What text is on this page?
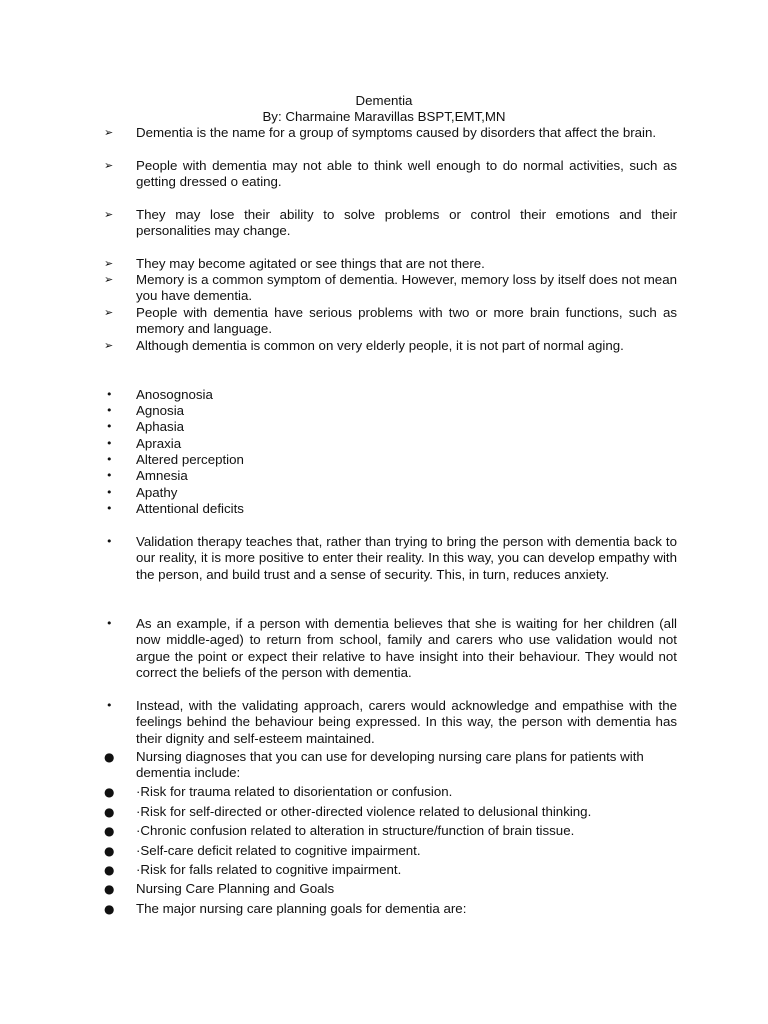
Dementia
By: Charmaine Maravillas BSPT,EMT,MN
➢	Dementia is the name for a group of symptoms caused by disorders that affect the brain.
➢	People with dementia may not able to think well enough to do normal activities, such as getting dressed o eating.
➢	They may lose their ability to solve problems or control their emotions and their personalities may change.
➢	They may become agitated or see things that are not there.
➢	Memory is a common symptom of dementia. However, memory loss by itself does not mean you have dementia.
➢	People with dementia have serious problems with two or more brain functions, such as memory and language.
➢	Although dementia is common on very elderly people, it is not part of normal aging.
•	Anosognosia
•	Agnosia
•	Aphasia
•	Apraxia
•	Altered perception
•	Amnesia
•	Apathy
•	Attentional deficits
•	Validation therapy teaches that, rather than trying to bring the person with dementia back to our reality, it is more positive to enter their reality. In this way, you can develop empathy with the person, and build trust and a sense of security. This, in turn, reduces anxiety.
•	As an example, if a person with dementia believes that she is waiting for her children (all now middle-aged) to return from school, family and carers who use validation would not argue the point or expect their relative to have insight into their behaviour. They would not correct the beliefs of the person with dementia.
•	Instead, with the validating approach, carers would acknowledge and empathise with the feelings behind the behaviour being expressed. In this way, the person with dementia has their dignity and self-esteem maintained.
●	Nursing diagnoses that you can use for developing nursing care plans for patients with dementia include:
●	·Risk for trauma related to disorientation or confusion.
●	·Risk for self-directed or other-directed violence related to delusional thinking.
●	·Chronic confusion related to alteration in structure/function of brain tissue.
●	·Self-care deficit related to cognitive impairment.
●	·Risk for falls related to cognitive impairment.
●	Nursing Care Planning and Goals
●	The major nursing care planning goals for dementia are:
